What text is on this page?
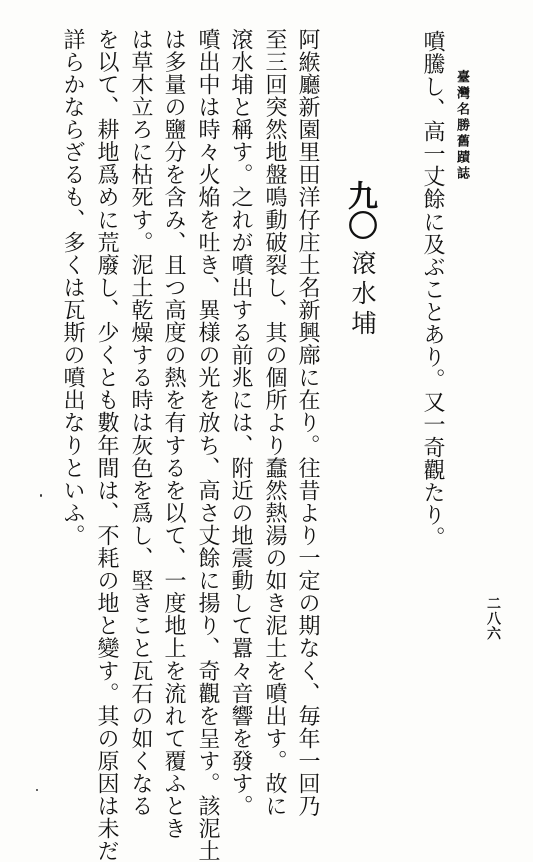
臺灣名勝舊蹟誌
二八六
噴騰し、高一丈餘に及ぶことあり。又一奇觀たり。
九〇
滾水埔
阿緱廳新園里田洋仔庄土名新興廍に在り。往昔より一定の期なく、毎年一回乃
至三回突然地盤鳴動破裂し、其の個所より蠢然熱湯の如き泥土を噴出す。故に
滾水埔と稱す。之れが噴出する前兆には、附近の地震動して囂々音響を發す。
噴出中は時々火焔を吐き、異様の光を放ち、高さ丈餘に揚り、奇觀を呈す。該泥土
は多量の鹽分を含み、且つ高度の熱を有するを以て、一度地上を流れて覆ふとき
は草木立ろに枯死す。泥土乾燥する時は灰色を爲し、堅きこと瓦石の如くなる
を以て、耕地爲めに荒廢し、少くとも數年間は、不耗の地と變す。其の原因は未だ
詳らかならざるも、多くは瓦斯の噴出なりといふ。
